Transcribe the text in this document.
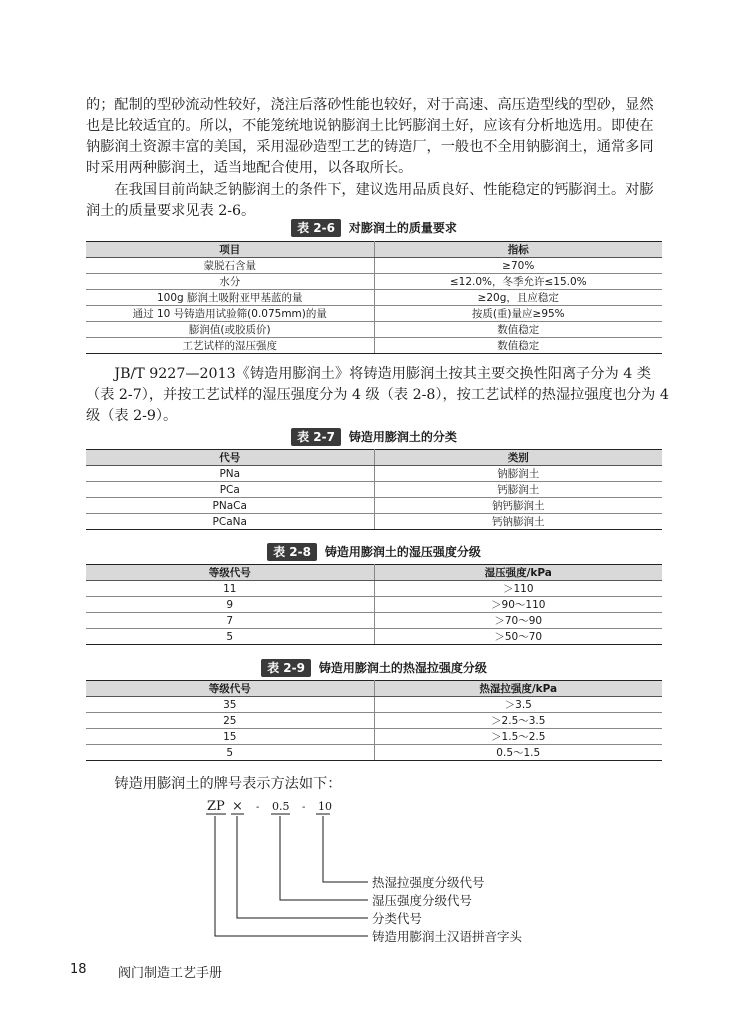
的；配制的型砂流动性较好，浇注后落砂性能也较好，对于高速、高压造型线的型砂，显然
也是比较适宜的。所以，不能笼统地说钠膨润土比钙膨润土好，应该有分析地选用。即使在
钠膨润土资源丰富的美国，采用湿砂造型工艺的铸造厂，一般也不全用钠膨润土，通常多同
时采用两种膨润土，适当地配合使用，以各取所长。
　　在我国目前尚缺乏钠膨润土的条件下，建议选用品质良好、性能稳定的钙膨润土。对膨
润土的质量要求见表 2-6。
表 2-6 对膨润土的质量要求
项目	指标
蒙脱石含量	≥70%
水分	≤12.0%，冬季允许≤15.0%
100g 膨润土吸附亚甲基蓝的量	≥20g，且应稳定
通过 10 号铸造用试验筛(0.075mm)的量	按质(重)量应≥95%
膨润值(或胶质价)	数值稳定
工艺试样的湿压强度	数值稳定
　　JB/T 9227—2013《铸造用膨润土》将铸造用膨润土按其主要交换性阳离子分为 4 类
（表 2-7），并按工艺试样的湿压强度分为 4 级（表 2-8），按工艺试样的热湿拉强度也分为 4
级（表 2-9）。
表 2-7 铸造用膨润土的分类
代号	类别
PNa	钠膨润土
PCa	钙膨润土
PNaCa	钠钙膨润土
PCaNa	钙钠膨润土
表 2-8 铸造用膨润土的湿压强度分级
等级代号	湿压强度/kPa
11	＞110
9	＞90～110
7	＞70～90
5	＞50～70
表 2-9 铸造用膨润土的热湿拉强度分级
等级代号	热湿拉强度/kPa
35	＞3.5
25	＞2.5～3.5
15	＞1.5～2.5
5	0.5～1.5
　　铸造用膨润土的牌号表示方法如下：
ZP × - 0.5 - 10
热湿拉强度分级代号
湿压强度分级代号
分类代号
铸造用膨润土汉语拼音字头
18 阀门制造工艺手册
